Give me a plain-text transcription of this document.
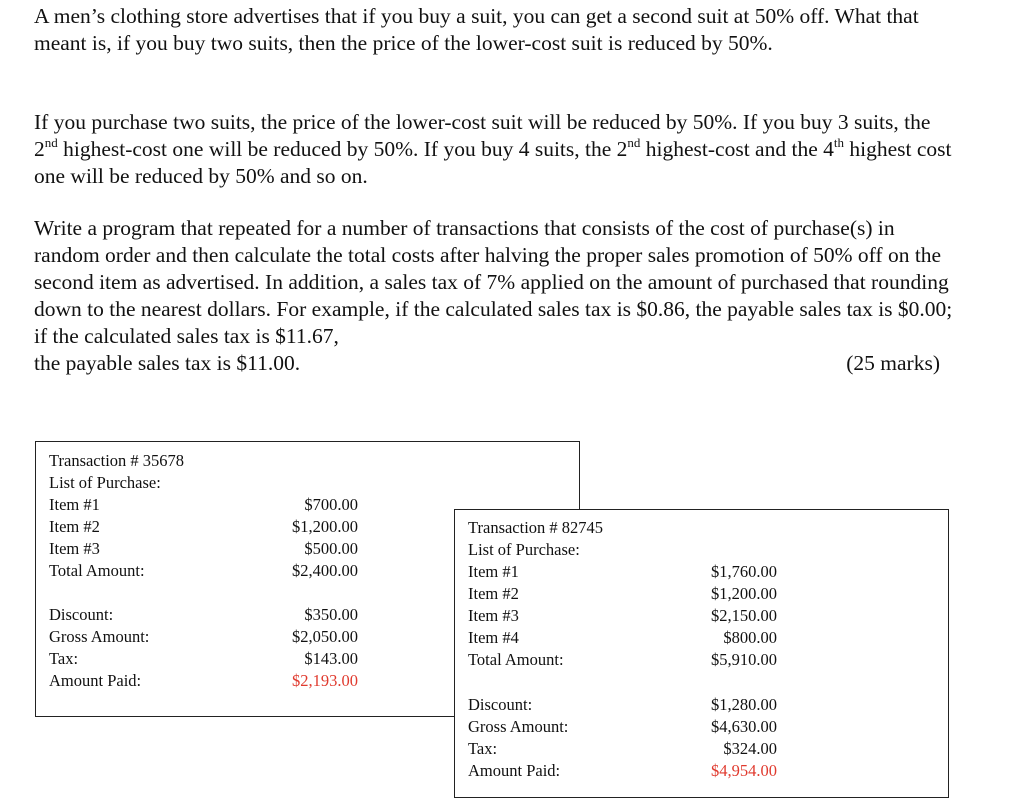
A men’s clothing store advertises that if you buy a suit, you can get a second suit at 50% off. What that meant is, if you buy two suits, then the price of the lower-cost suit is reduced by 50%.

If you purchase two suits, the price of the lower-cost suit will be reduced by 50%. If you buy 3 suits, the 2nd highest-cost one will be reduced by 50%. If you buy 4 suits, the 2nd highest-cost and the 4th highest cost one will be reduced by 50% and so on.

Write a program that repeated for a number of transactions that consists of the cost of purchase(s) in random order and then calculate the total costs after halving the proper sales promotion of 50% off on the second item as advertised. In addition, a sales tax of 7% applied on the amount of purchased that rounding down to the nearest dollars. For example, if the calculated sales tax is $0.86, the payable sales tax is $0.00; if the calculated sales tax is $11.67,
the payable sales tax is $11.00.	(25 marks)
Transaction # 35678
List of Purchase:
Item #1	$700.00
Item #2	$1,200.00
Item #3	$500.00
Total Amount:	$2,400.00
Discount:	$350.00
Gross Amount:	$2,050.00
Tax:	$143.00
Amount Paid:	$2,193.00
Transaction # 82745
List of Purchase:
Item #1	$1,760.00
Item #2	$1,200.00
Item #3	$2,150.00
Item #4	$800.00
Total Amount:	$5,910.00
Discount:	$1,280.00
Gross Amount:	$4,630.00
Tax:	$324.00
Amount Paid:	$4,954.00
